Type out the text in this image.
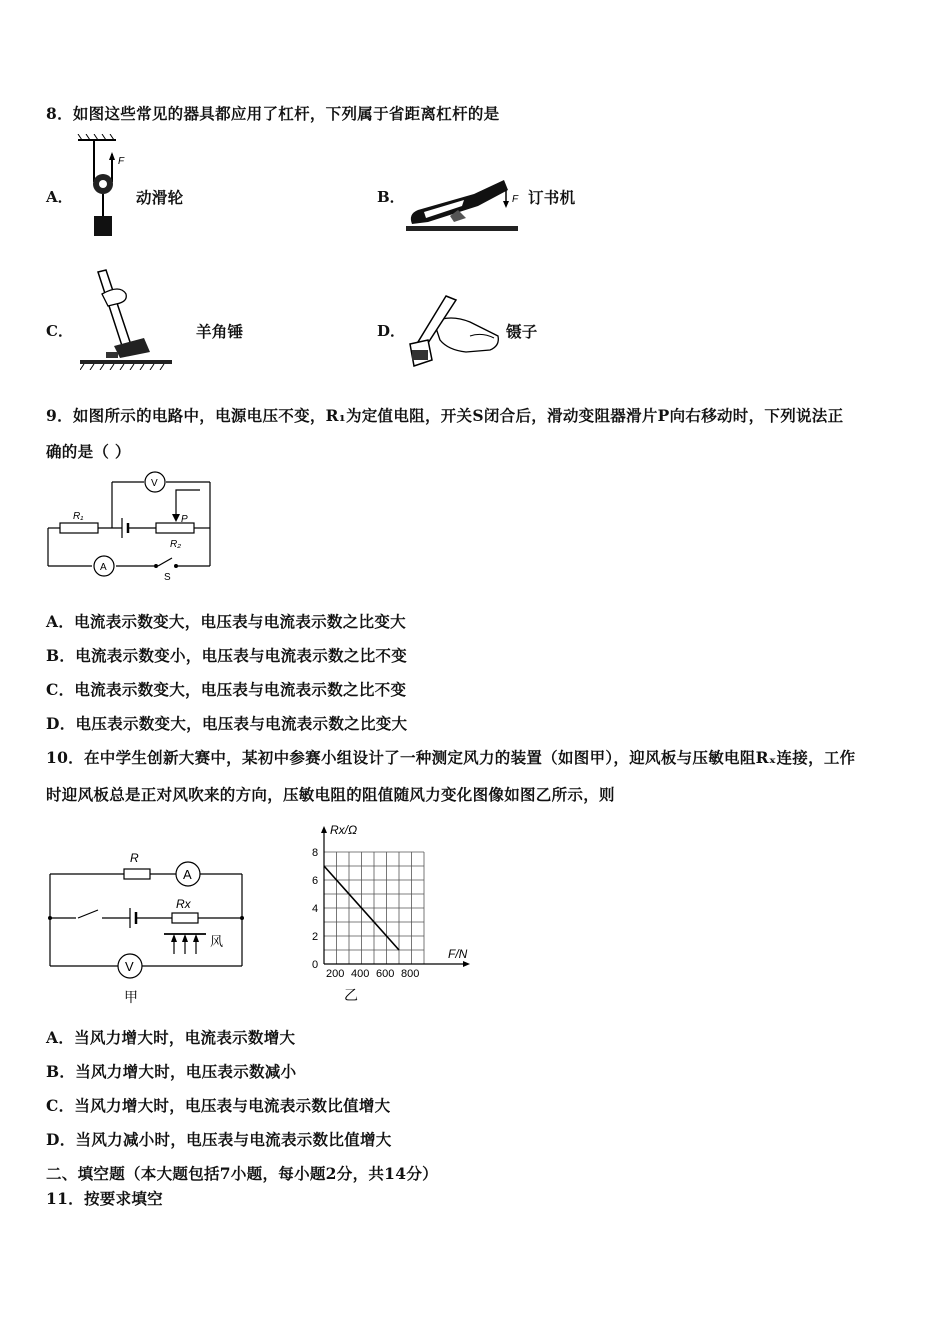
8．如图这些常见的器具都应用了杠杆，下列属于省距离杠杆的是
A．
F
动滑轮	B．	F 订书机
C．	羊角锤	D．	镊子
9．如图所示的电路中，电源电压不变，R₁为定值电阻，开关S闭合后，滑动变阻器滑片P向右移动时，下列说法正
确的是（ ）
V
A
R₁	P
R₂
S
A．电流表示数变大，电压表与电流表示数之比变大
B．电流表示数变小，电压表与电流表示数之比不变
C．电流表示数变大，电压表与电流表示数之比不变
D．电压表示数变大，电压表与电流表示数之比变大
10．在中学生创新大赛中，某初中参赛小组设计了一种测定风力的装置（如图甲），迎风板与压敏电阻Rₓ连接，工作
时迎风板总是正对风吹来的方向，压敏电阻的阻值随风力变化图像如图乙所示，则
A
V
R
Rx
风
甲
0
2
4
6
8
200 400 600 800
Rx/Ω
F/N
乙
A．当风力增大时，电流表示数增大
B．当风力增大时，电压表示数减小
C．当风力增大时，电压表与电流表示数比值增大
D．当风力减小时，电压表与电流表示数比值增大
二、填空题（本大题包括7小题，每小题2分，共14分）
11．按要求填空
